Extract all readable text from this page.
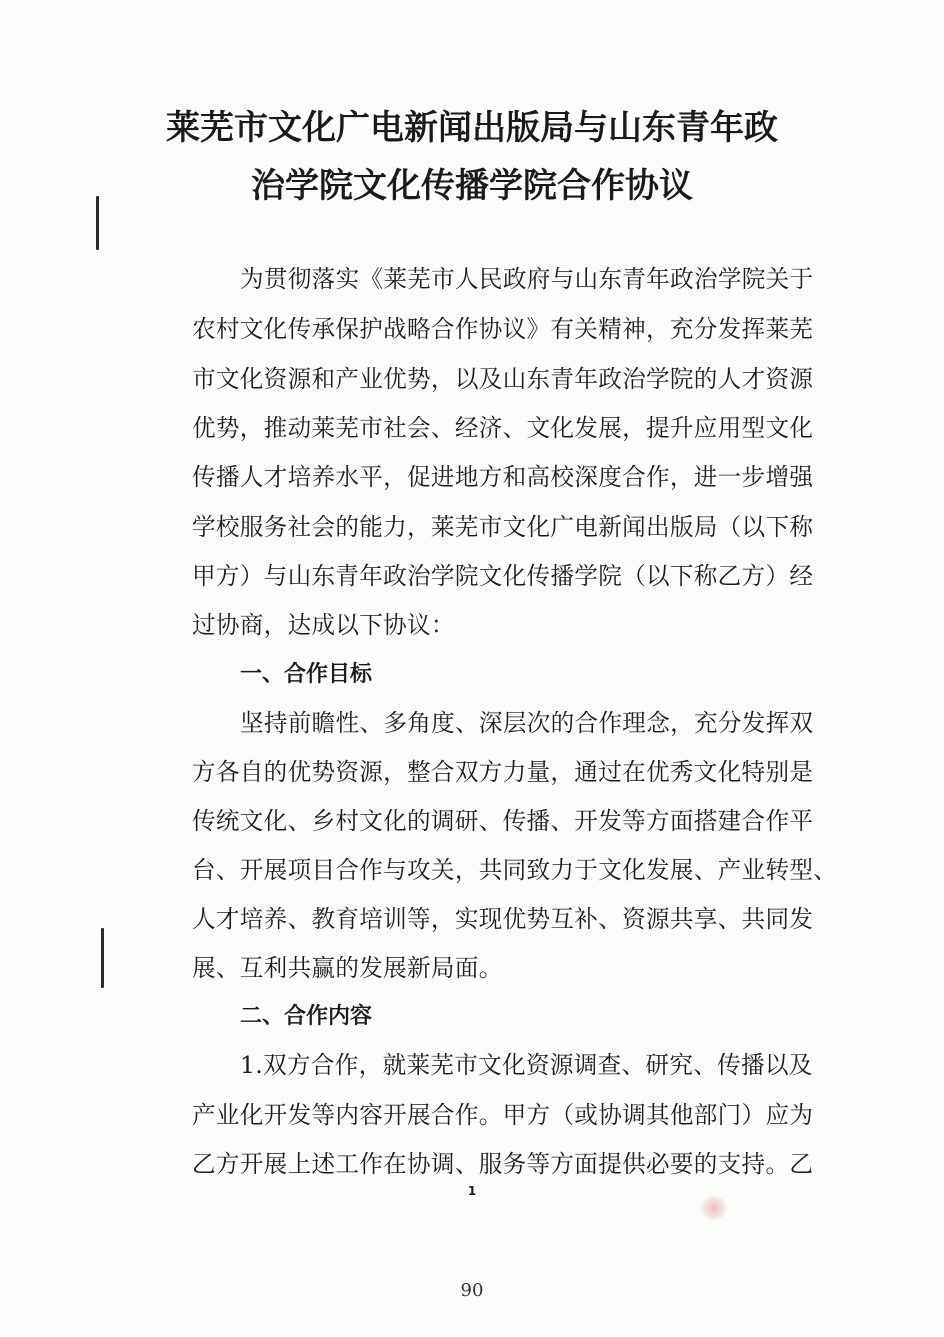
莱芜市文化广电新闻出版局与山东青年政
治学院文化传播学院合作协议
为贯彻落实《莱芜市人民政府与山东青年政治学院关于
农村文化传承保护战略合作协议》有关精神，充分发挥莱芜
市文化资源和产业优势，以及山东青年政治学院的人才资源
优势，推动莱芜市社会、经济、文化发展，提升应用型文化
传播人才培养水平，促进地方和高校深度合作，进一步增强
学校服务社会的能力，莱芜市文化广电新闻出版局（以下称
甲方）与山东青年政治学院文化传播学院（以下称乙方）经
过协商，达成以下协议：
一、合作目标
坚持前瞻性、多角度、深层次的合作理念，充分发挥双
方各自的优势资源，整合双方力量，通过在优秀文化特别是
传统文化、乡村文化的调研、传播、开发等方面搭建合作平
台、开展项目合作与攻关，共同致力于文化发展、产业转型、
人才培养、教育培训等，实现优势互补、资源共享、共同发
展、互利共赢的发展新局面。
二、合作内容
1.双方合作，就莱芜市文化资源调查、研究、传播以及
产业化开发等内容开展合作。甲方（或协调其他部门）应为
乙方开展上述工作在协调、服务等方面提供必要的支持。乙
1
90
